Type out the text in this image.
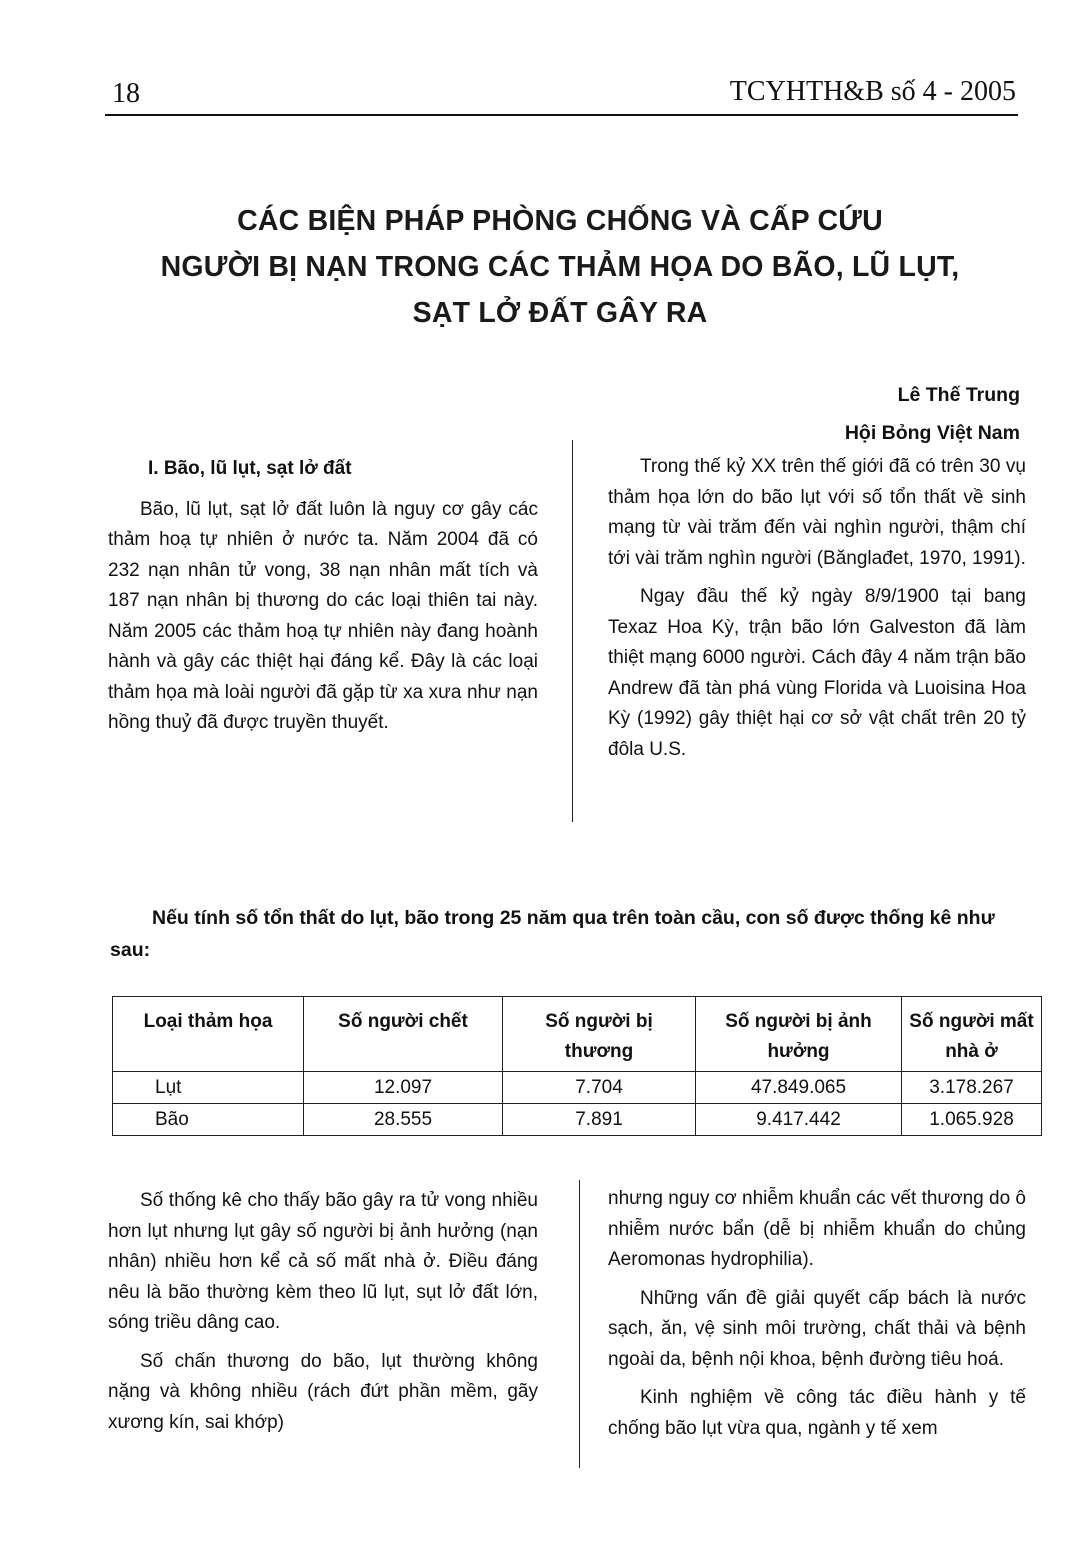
18	TCYHTH&B số 4 - 2005
CÁC BIỆN PHÁP PHÒNG CHỐNG VÀ CẤP CỨU
NGƯỜI BỊ NẠN TRONG CÁC THẢM HỌA DO BÃO, LŨ LỤT,
SẠT LỞ ĐẤT GÂY RA
Lê Thế Trung
Hội Bỏng Việt Nam
I. Bão, lũ lụt, sạt lở đất

Bão, lũ lụt, sạt lở đất luôn là nguy cơ gây các thảm hoạ tự nhiên ở nước ta. Năm 2004 đã có 232 nạn nhân tử vong, 38 nạn nhân mất tích và 187 nạn nhân bị thương do các loại thiên tai này. Năm 2005 các thảm hoạ tự nhiên này đang hoành hành và gây các thiệt hại đáng kể. Đây là các loại thảm họa mà loài người đã gặp từ xa xưa như nạn hồng thuỷ đã được truyền thuyết.

Trong thế kỷ XX trên thế giới đã có trên 30 vụ thảm họa lớn do bão lụt với số tổn thất về sinh mạng từ vài trăm đến vài nghìn người, thậm chí tới vài trăm nghìn người (Bănglađet, 1970, 1991).

Ngay đầu thế kỷ ngày 8/9/1900 tại bang Texaz Hoa Kỳ, trận bão lớn Galveston đã làm thiệt mạng 6000 người. Cách đây 4 năm trận bão Andrew đã tàn phá vùng Florida và Luoisina Hoa Kỳ (1992) gây thiệt hại cơ sở vật chất trên 20 tỷ đôla U.S.

Nếu tính số tổn thất do lụt, bão trong 25 năm qua trên toàn cầu, con số được thống kê như sau:
Loại thảm họa	Số người chết	Số người bị thương	Số người bị ảnh hưởng	Số người mất nhà ở
Lụt	12.097	7.704	47.849.065	3.178.267
Bão	28.555	7.891	9.417.442	1.065.928

Số thống kê cho thấy bão gây ra tử vong nhiều hơn lụt nhưng lụt gây số người bị ảnh hưởng (nạn nhân) nhiều hơn kể cả số mất nhà ở. Điều đáng nêu là bão thường kèm theo lũ lụt, sụt lở đất lớn, sóng triều dâng cao.

Số chấn thương do bão, lụt thường không nặng và không nhiều (rách đứt phần mềm, gãy xương kín, sai khớp)

nhưng nguy cơ nhiễm khuẩn các vết thương do ô nhiễm nước bẩn (dễ bị nhiễm khuẩn do chủng Aeromonas hydrophilia).

Những vấn đề giải quyết cấp bách là nước sạch, ăn, vệ sinh môi trường, chất thải và bệnh ngoài da, bệnh nội khoa, bệnh đường tiêu hoá.

Kinh nghiệm về công tác điều hành y tế chống bão lụt vừa qua, ngành y tế xem
